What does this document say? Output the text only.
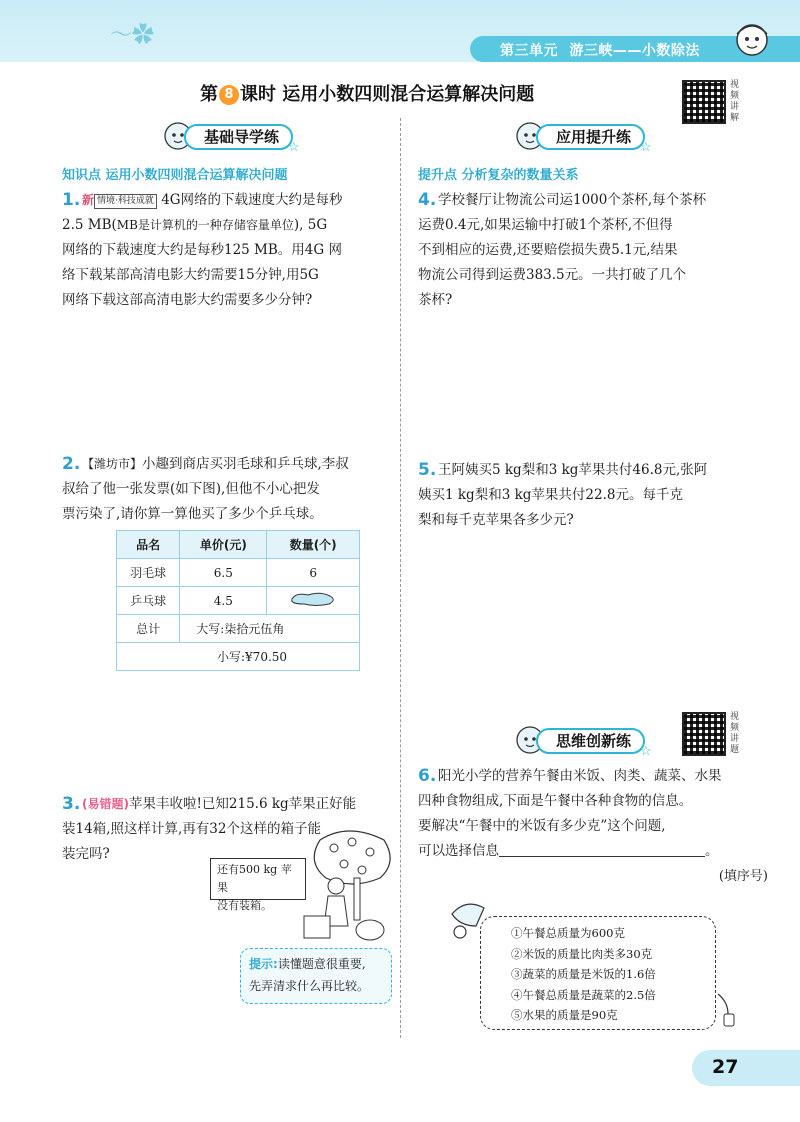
〜✿
第三单元 游三峡——小数除法
第 8 课时 运用小数四则混合运算解决问题	视频讲解
基础导学练
☆
知识点 运用小数四则混合运算解决问题
1. 新 情境·科技成就 4G网络的下载速度大约是每秒
2.5 MB(MB是计算机的一种存储容量单位), 5G
网络的下载速度大约是每秒125 MB。用4G 网
络下载某部高清电影大约需要15分钟,用5G
网络下载这部高清电影大约需要多少分钟?
2. 【潍坊市】小趣到商店买羽毛球和乒乓球,李叔
叔给了他一张发票(如下图),但他不小心把发
票污染了,请你算一算他买了多少个乒乓球。
品名	单价(元)	数量(个)
羽毛球	6.5	6
乒乓球	4.5	
总计	大写:柒拾元伍角	
小写:¥70.50		
3. (易错题)苹果丰收啦!已知215.6 kg苹果正好能
装14箱,照这样计算,再有32个这样的箱子能
装完吗?
还有500 kg 苹果
没有装箱。
提示:读懂题意很重要,
先弄清求什么再比较。
应用提升练
☆
提升点 分析复杂的数量关系
4. 学校餐厅让物流公司运1000个茶杯,每个茶杯
运费0.4元,如果运输中打破1个茶杯,不但得
不到相应的运费,还要赔偿损失费5.1元,结果
物流公司得到运费383.5元。一共打破了几个
茶杯?
5. 王阿姨买5 kg梨和3 kg苹果共付46.8元,张阿
姨买1 kg梨和3 kg苹果共付22.8元。每千克
梨和每千克苹果各多少元?
思维创新练
☆
视频讲题
6. 阳光小学的营养午餐由米饭、肉类、蔬菜、水果
四种食物组成,下面是午餐中各种食物的信息。
要解决“午餐中的米饭有多少克”这个问题,
可以选择信息	。
(填序号)
①午餐总质量为600克
②米饭的质量比肉类多30克
③蔬菜的质量是米饭的1.6倍
④午餐总质量是蔬菜的2.5倍
⑤水果的质量是90克
27
